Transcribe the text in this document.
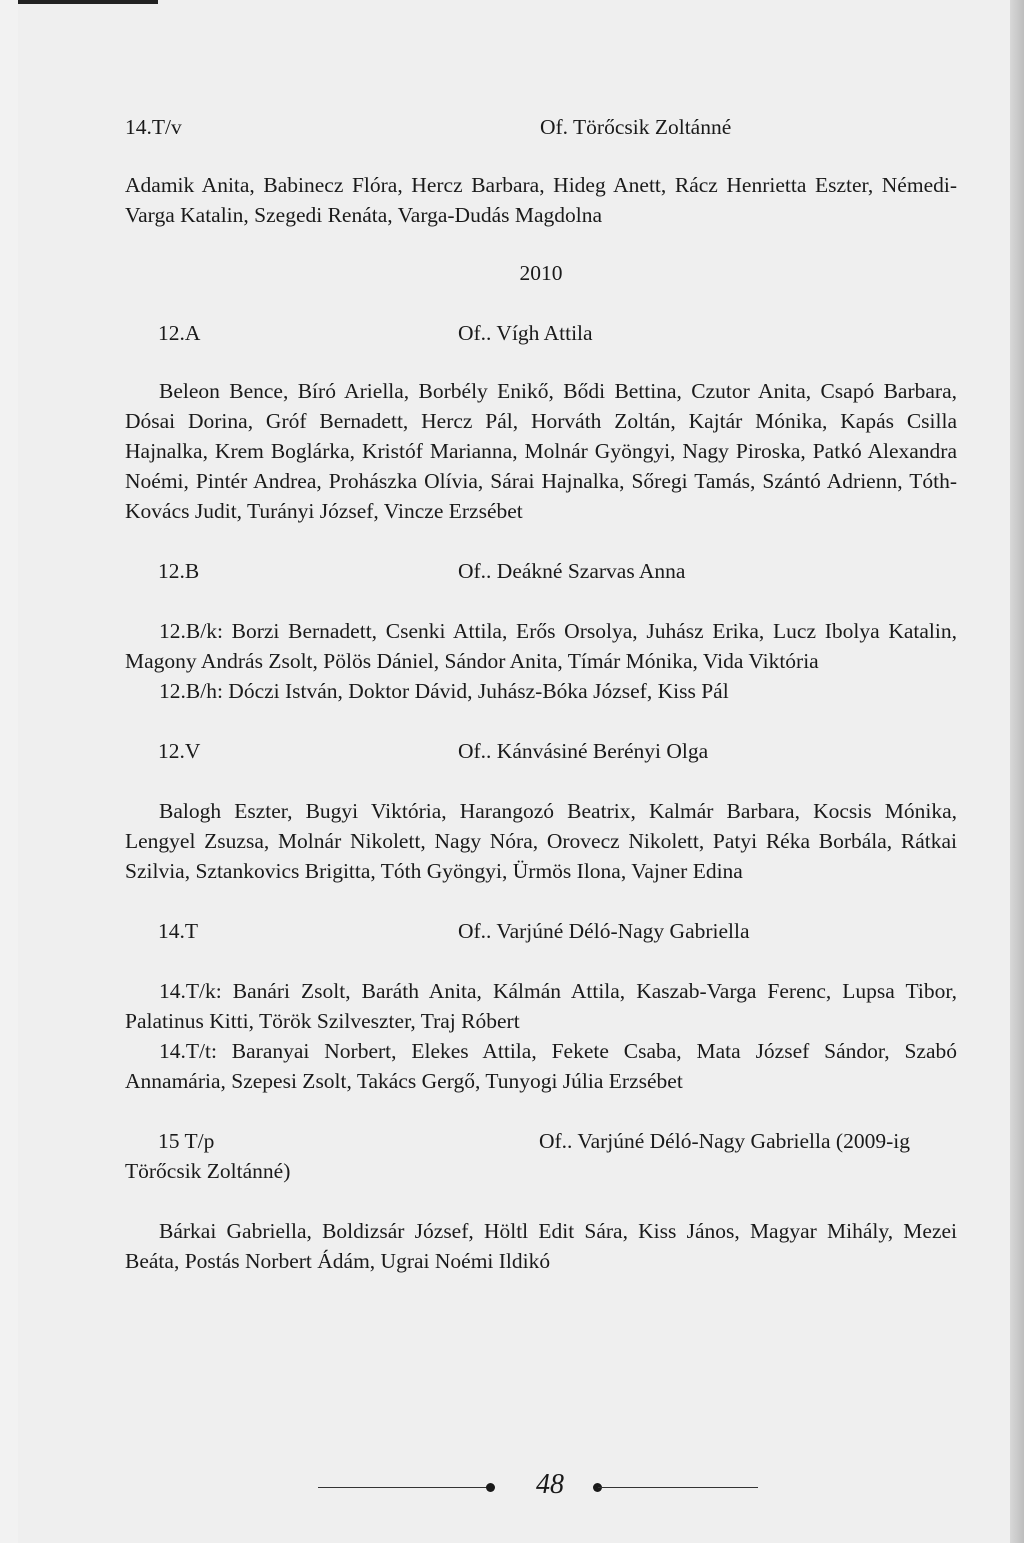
14.T/v	Of. Törőcsik Zoltánné

Adamik Anita, Babinecz Flóra, Hercz Barbara, Hideg Anett, Rácz Henrietta Eszter, Némedi-Varga Katalin, Szegedi Renáta, Varga-Dudás Magdolna

2010
12.A	Of.. Vígh Attila

Beleon Bence, Bíró Ariella, Borbély Enikő, Bődi Bettina, Czutor Anita, Csapó Barbara, Dósai Dorina, Gróf Bernadett, Hercz Pál, Horváth Zoltán, Kajtár Mónika, Kapás Csilla Hajnalka, Krem Boglárka, Kristóf Marianna, Molnár Gyöngyi, Nagy Piroska, Patkó Alexandra Noémi, Pintér Andrea, Prohászka Olívia, Sárai Hajnalka, Sőregi Tamás, Szántó Adrienn, Tóth-Kovács Judit, Turányi József, Vincze Erzsébet

12.B	Of.. Deákné Szarvas Anna

12.B/k: Borzi Bernadett, Csenki Attila, Erős Orsolya, Juhász Erika, Lucz Ibolya Katalin, Magony András Zsolt, Pölös Dániel, Sándor Anita, Tímár Mónika, Vida Viktória

12.B/h: Dóczi István, Doktor Dávid, Juhász-Bóka József, Kiss Pál

12.V	Of.. Kánvásiné Berényi Olga

Balogh Eszter, Bugyi Viktória, Harangozó Beatrix, Kalmár Barbara, Kocsis Mónika, Lengyel Zsuzsa, Molnár Nikolett, Nagy Nóra, Orovecz Nikolett, Patyi Réka Borbála, Rátkai Szilvia, Sztankovics Brigitta, Tóth Gyöngyi, Ürmös Ilona, Vajner Edina

14.T	Of.. Varjúné Déló-Nagy Gabriella

14.T/k: Banári Zsolt, Baráth Anita, Kálmán Attila, Kaszab-Varga Ferenc, Lupsa Tibor, Palatinus Kitti, Török Szilveszter, Traj Róbert

14.T/t: Baranyai Norbert, Elekes Attila, Fekete Csaba, Mata József Sándor, Szabó Annamária, Szepesi Zsolt, Takács Gergő, Tunyogi Júlia Erzsébet

15 T/p	Of.. Varjúné Déló-Nagy Gabriella (2009-ig
Törőcsik Zoltánné)

Bárkai Gabriella, Boldizsár József, Höltl Edit Sára, Kiss János, Magyar Mihály, Mezei Beáta, Postás Norbert Ádám, Ugrai Noémi Ildikó

48
